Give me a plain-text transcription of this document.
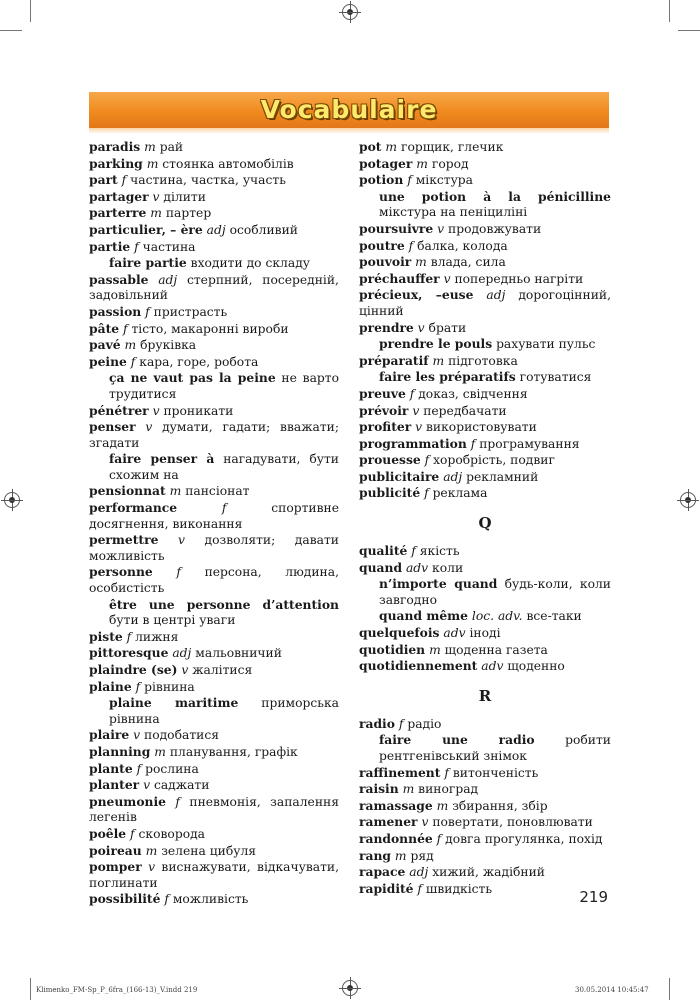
Vocabulaire

paradis m рай

parking m стоянка автомобілів

part f частина, частка, участь

partager v ділити

parterre m партер

particulier, – ère adj особливий

partie f частина

faire partie входити до складу

passable adj стерпний, посередній, задовільний

passion f пристрасть

pâte f тісто, макаронні вироби

pavé m бруківка

peine f кара, горе, робота

ça ne vaut pas la peine не варто трудитися

pénétrer v проникати

penser v думати, гадати; вважати; згадати

faire penser à нагадувати, бути схожим на

pensionnat m пансіонат

performance	f	спортивне досягнення, виконання

permettre v дозволяти; давати можливість

personne f персона, людина, особистість

être une personne d’attention бути в центрі уваги

piste f лижня

pittoresque adj мальовничий

plaindre (se) v жалітися

plaine f рівнина

plaine maritime приморська рівнина

plaire v подобатися

planning m планування, графік

plante f рослина

planter v саджати

pneumonie f пневмонія, запалення легенів

poêle f сковорода

poireau m зелена цибуля

pomper v виснажувати, відкачувати, поглинати

possibilité f можливість

pot m горщик, глечик

potager m город

potion f мікстура

une potion à la pénicilline мікстура на пеніциліні

poursuivre v продовжувати

poutre f балка, колода

pouvoir m влада, сила

préchauffer v попередньо нагріти

précieux, –euse adj дорогоцінний, цінний

prendre v брати

prendre le pouls рахувати пульс

préparatif m підготовка

faire les préparatifs готуватися

preuve f доказ, свідчення

prévoir v передбачати

profiter v використовувати

programmation f програмування

prouesse f хоробрість, подвиг

publicitaire adj рекламний

publicité f реклама

Q

qualité f якість

quand adv коли

n’importe quand будь-коли, коли завгодно

quand même loc. adv. все-таки

quelquefois adv іноді

quotidien m щоденна газета

quotidiennement adv щоденно

R

radio f радіо

faire une radio робити рентгенівський знімок

raffinement f витонченість

raisin m виноград

ramassage m збирання, збір

ramener v повертати, поновлювати

randonnée f довга прогулянка, похід

rang m ряд

rapace adj хижий, жадібний

rapidité f швидкість	219
Klimenko_FM-Sp_P_6fra_(166-13)_V.indd 219	30.05.2014 10:45:47
